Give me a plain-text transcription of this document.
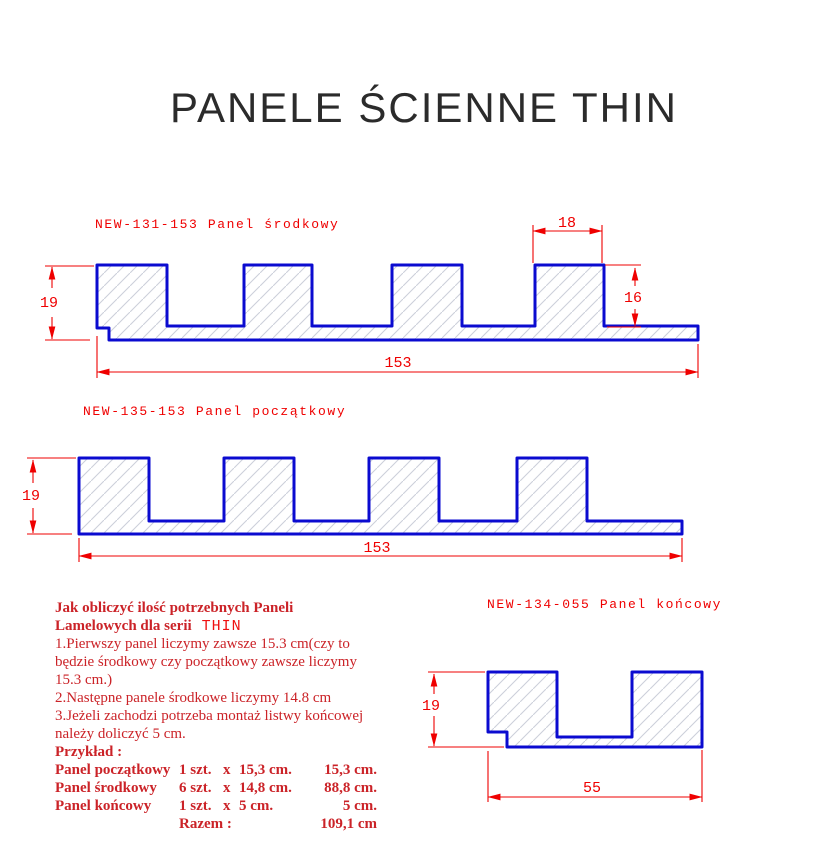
PANELE ŚCIENNE THIN
19
18
16
153
19
153
19
55
NEW-131-153 Panel środkowy
NEW-135-153 Panel początkowy
NEW-134-055 Panel końcowy
Jak obliczyć ilość potrzebnych Paneli
Lamelowych dla serii THIN
1.Pierwszy panel liczymy zawsze 15.3 cm(czy to
będzie środkowy czy początkowy zawsze liczymy
15.3 cm.)
2.Następne panele środkowe liczymy 14.8 cm
3.Jeżeli zachodzi potrzeba montaż listwy końcowej
należy doliczyć 5 cm.
Przykład :
Panel początkowy 1 szt. x 15,3 cm.	15,3 cm.
Panel środkowy	6 szt. x 14,8 cm.	88,8 cm.
Panel końcowy	1 szt. x 5 cm.	5 cm.
Razem :	109,1 cm
